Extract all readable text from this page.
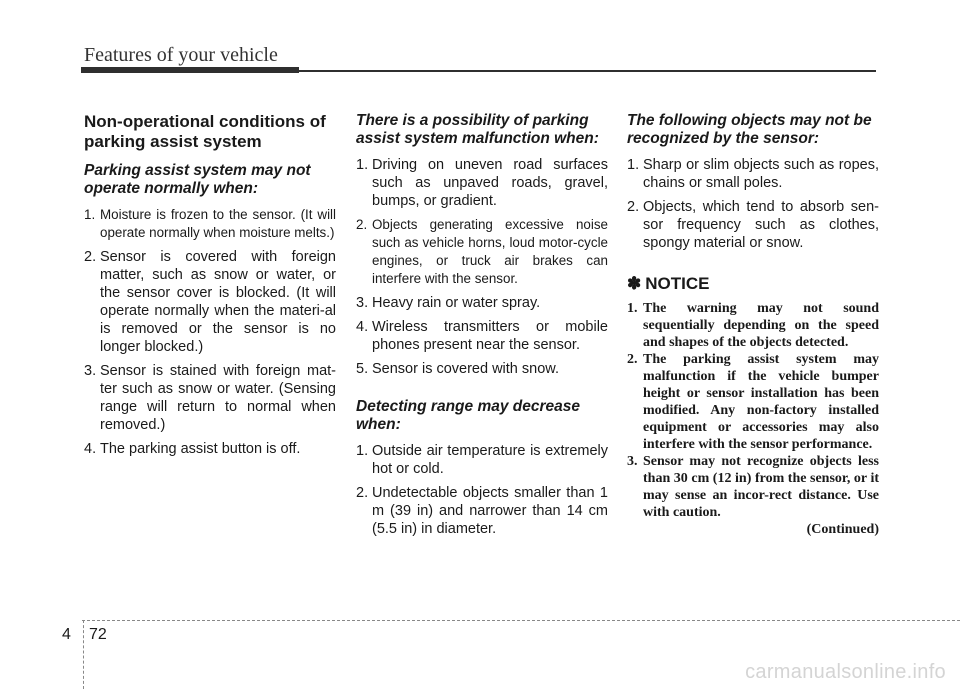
Features of your vehicle
Non-operational conditions of parking assist system
Parking assist system may not operate normally when:
1. Moisture is frozen to the sensor. (It will operate normally when moisture melts.)
2. Sensor is covered with foreign matter, such as snow or water, or the sensor cover is blocked. (It will operate normally when the materi-al is removed or the sensor is no longer blocked.)
3. Sensor is stained with foreign mat-ter such as snow or water. (Sensing range will return to normal when removed.)
4. The parking assist button is off.
There is a possibility of parking assist system malfunction when:
1. Driving on uneven road surfaces such as unpaved roads, gravel, bumps, or gradient.
2. Objects generating excessive noise such as vehicle horns, loud motor-cycle engines, or truck air brakes can interfere with the sensor.
3. Heavy rain or water spray.
4. Wireless transmitters or mobile phones present near the sensor.
5. Sensor is covered with snow.
Detecting range may decrease when:
1. Outside air temperature is extremely hot or cold.
2. Undetectable objects smaller than 1 m (39 in) and narrower than 14 cm (5.5 in) in diameter.
The following objects may not be recognized by the sensor:
1. Sharp or slim objects such as ropes, chains or small poles.
2. Objects, which tend to absorb sen-sor frequency such as clothes, spongy material or snow.
✽ NOTICE
1. The warning may not sound sequentially depending on the speed and shapes of the objects detected.
2. The parking assist system may malfunction if the vehicle bumper height or sensor installation has been modified. Any non-factory installed equipment or accessories may also interfere with the sensor performance.
3. Sensor may not recognize objects less than 30 cm (12 in) from the sensor, or it may sense an incor-rect distance. Use with caution.
(Continued)
4 72
carmanualsonline.info
